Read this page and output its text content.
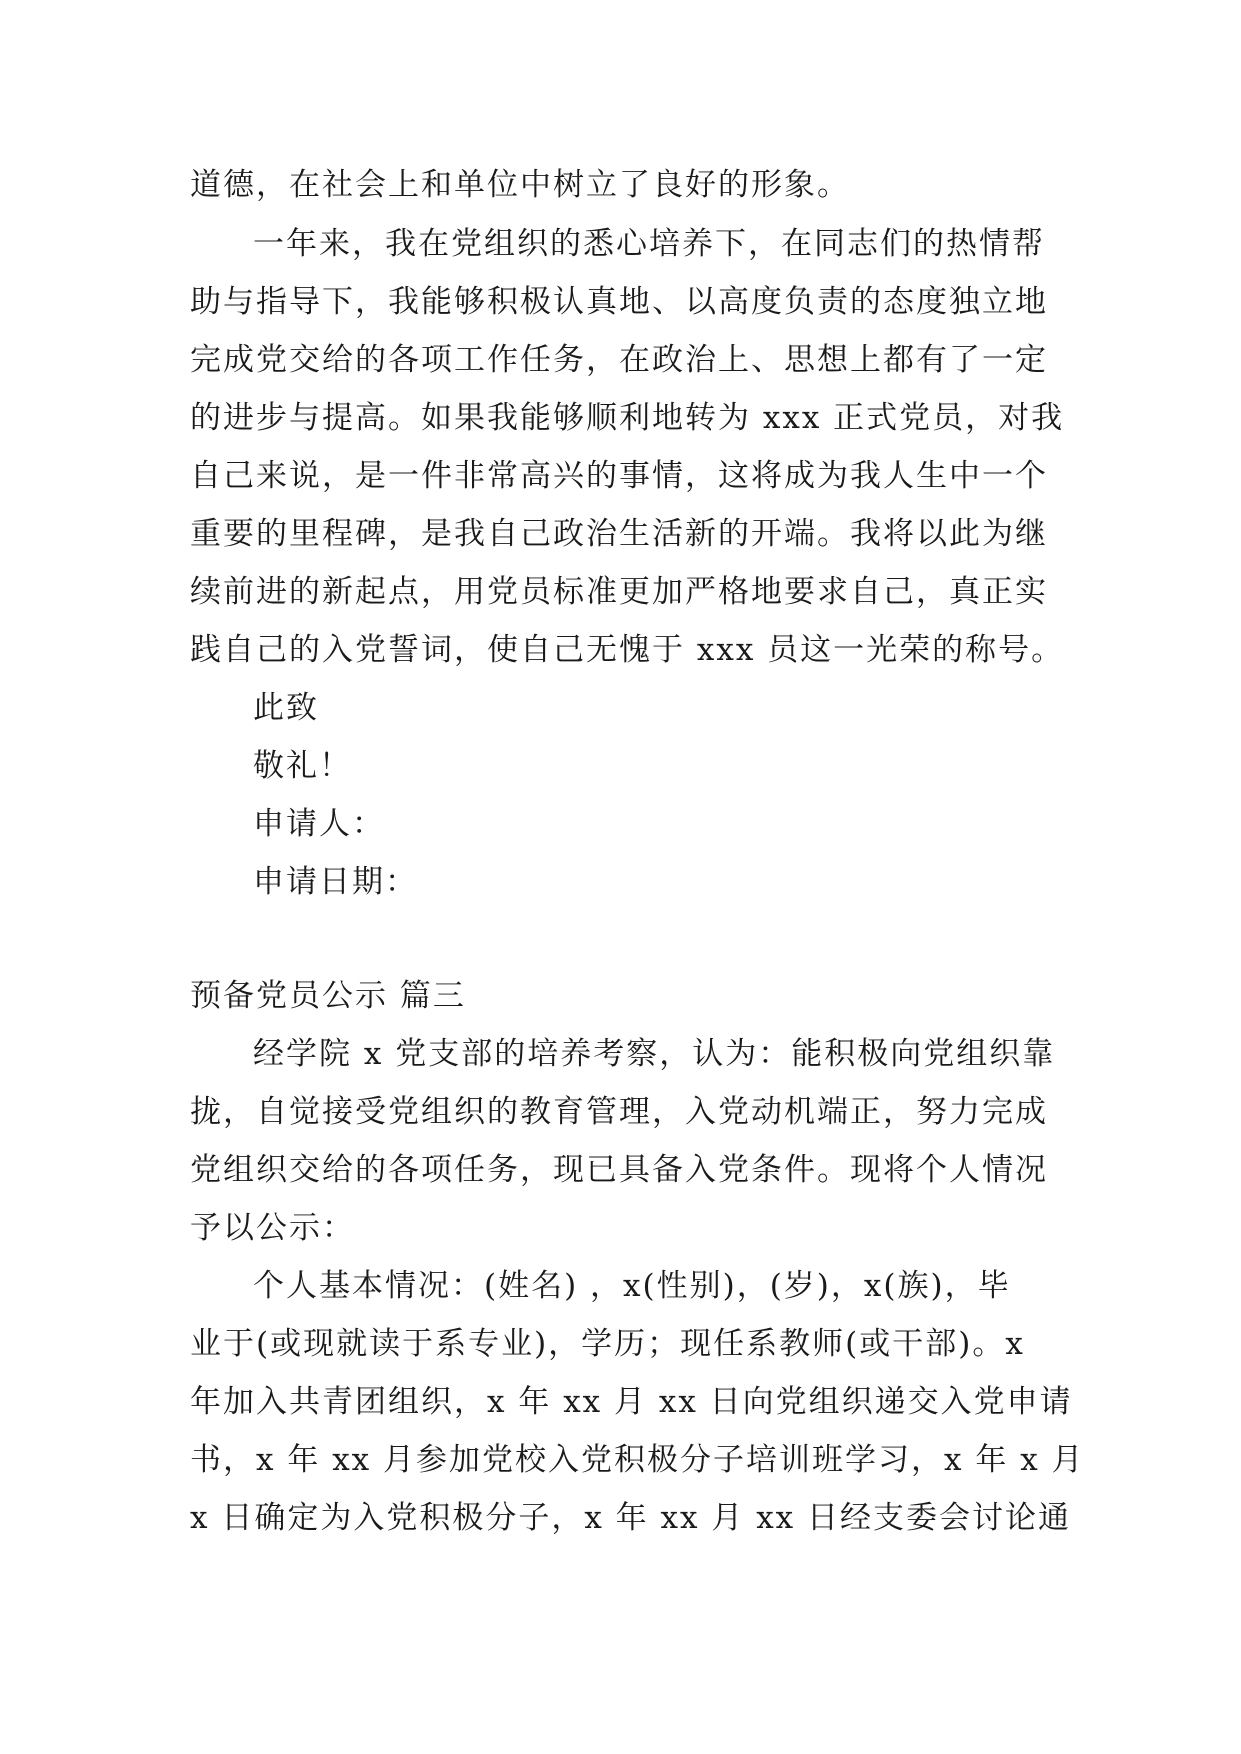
道德，在社会上和单位中树立了良好的形象。
一年来，我在党组织的悉心培养下，在同志们的热情帮
助与指导下，我能够积极认真地、以高度负责的态度独立地
完成党交给的各项工作任务，在政治上、思想上都有了一定
的进步与提高。如果我能够顺利地转为 xxx 正式党员，对我
自己来说，是一件非常高兴的事情，这将成为我人生中一个
重要的里程碑，是我自己政治生活新的开端。我将以此为继
续前进的新起点，用党员标准更加严格地要求自己，真正实
践自己的入党誓词，使自己无愧于 xxx 员这一光荣的称号。
此致
敬礼！
申请人：
申请日期：
预备党员公示 篇三
经学院 x 党支部的培养考察，认为：能积极向党组织靠
拢，自觉接受党组织的教育管理，入党动机端正，努力完成
党组织交给的各项任务，现已具备入党条件。现将个人情况
予以公示：
个人基本情况：(姓名) ，x(性别)，(岁)，x(族)，毕
业于(或现就读于系专业)，学历；现任系教师(或干部)。x
年加入共青团组织，x 年 xx 月 xx 日向党组织递交入党申请
书，x 年 xx 月参加党校入党积极分子培训班学习，x 年 x 月
x 日确定为入党积极分子，x 年 xx 月 xx 日经支委会讨论通
